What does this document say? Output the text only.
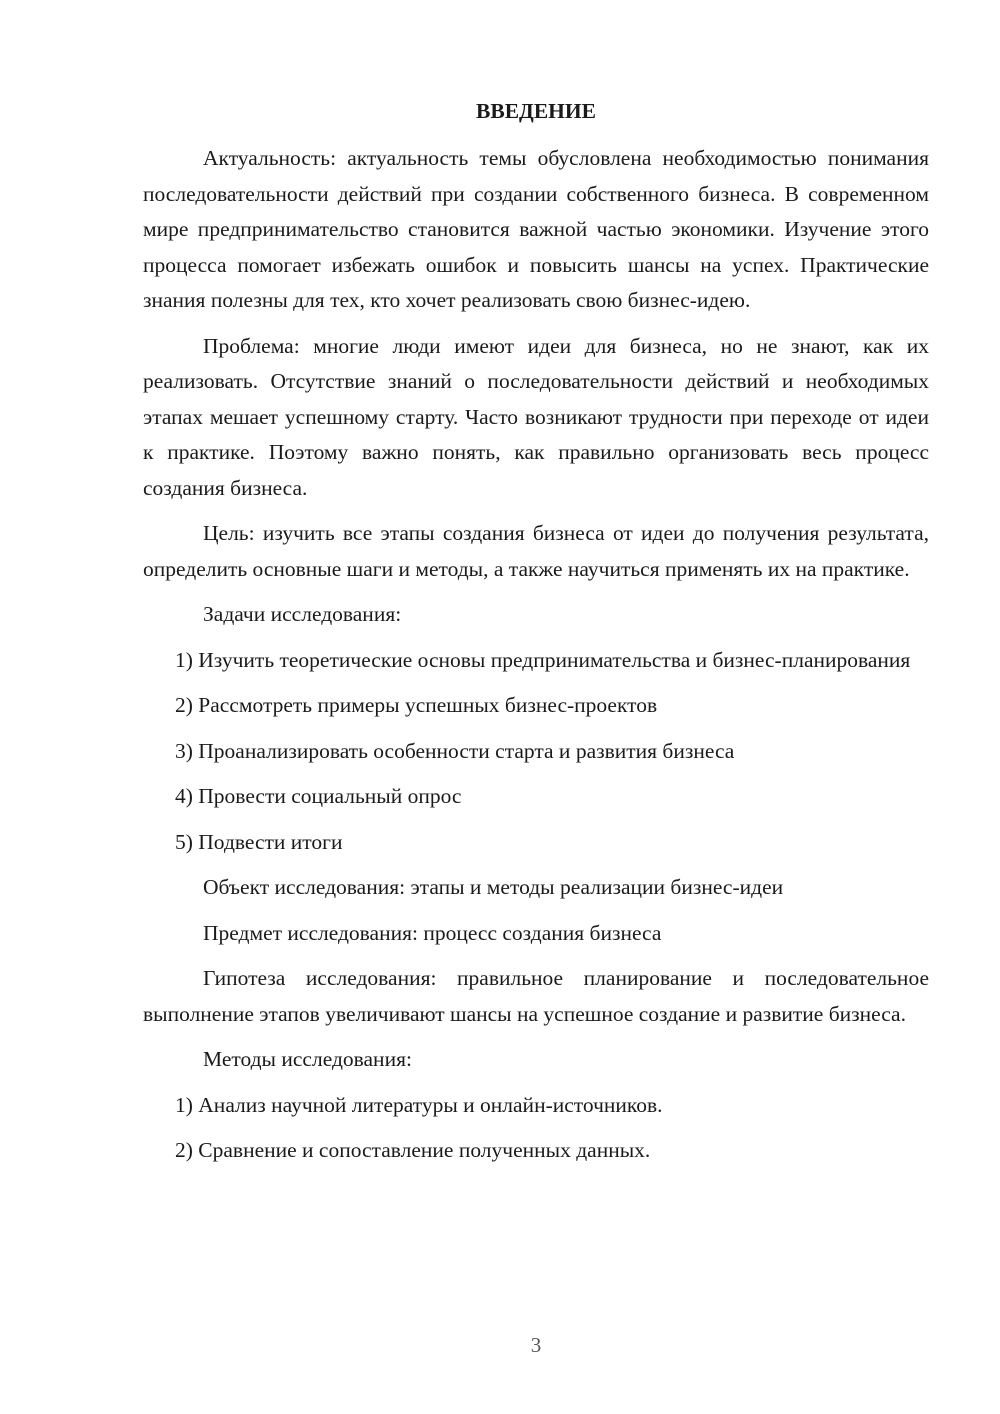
ВВЕДЕНИЕ

Актуальность: актуальность темы обусловлена необходимостью понимания последовательности действий при создании собственного бизнеса. В современном мире предпринимательство становится важной частью экономики. Изучение этого процесса помогает избежать ошибок и повысить шансы на успех. Практические знания полезны для тех, кто хочет реализовать свою бизнес-идею.

Проблема: многие люди имеют идеи для бизнеса, но не знают, как их реализовать. Отсутствие знаний о последовательности действий и необходимых этапах мешает успешному старту. Часто возникают трудности при переходе от идеи к практике. Поэтому важно понять, как правильно организовать весь процесс создания бизнеса.

Цель: изучить все этапы создания бизнеса от идеи до получения результата, определить основные шаги и методы, а также научиться применять их на практике.

Задачи исследования:

1) Изучить теоретические основы предпринимательства и бизнес-планирования

2) Рассмотреть примеры успешных бизнес-проектов

3) Проанализировать особенности старта и развития бизнеса

4) Провести социальный опрос

5) Подвести итоги

Объект исследования: этапы и методы реализации бизнес-идеи

Предмет исследования: процесс создания бизнеса

Гипотеза исследования: правильное планирование и последовательное выполнение этапов увеличивают шансы на успешное создание и развитие бизнеса.

Методы исследования:

1) Анализ научной литературы и онлайн-источников.

2) Сравнение и сопоставление полученных данных.

3
